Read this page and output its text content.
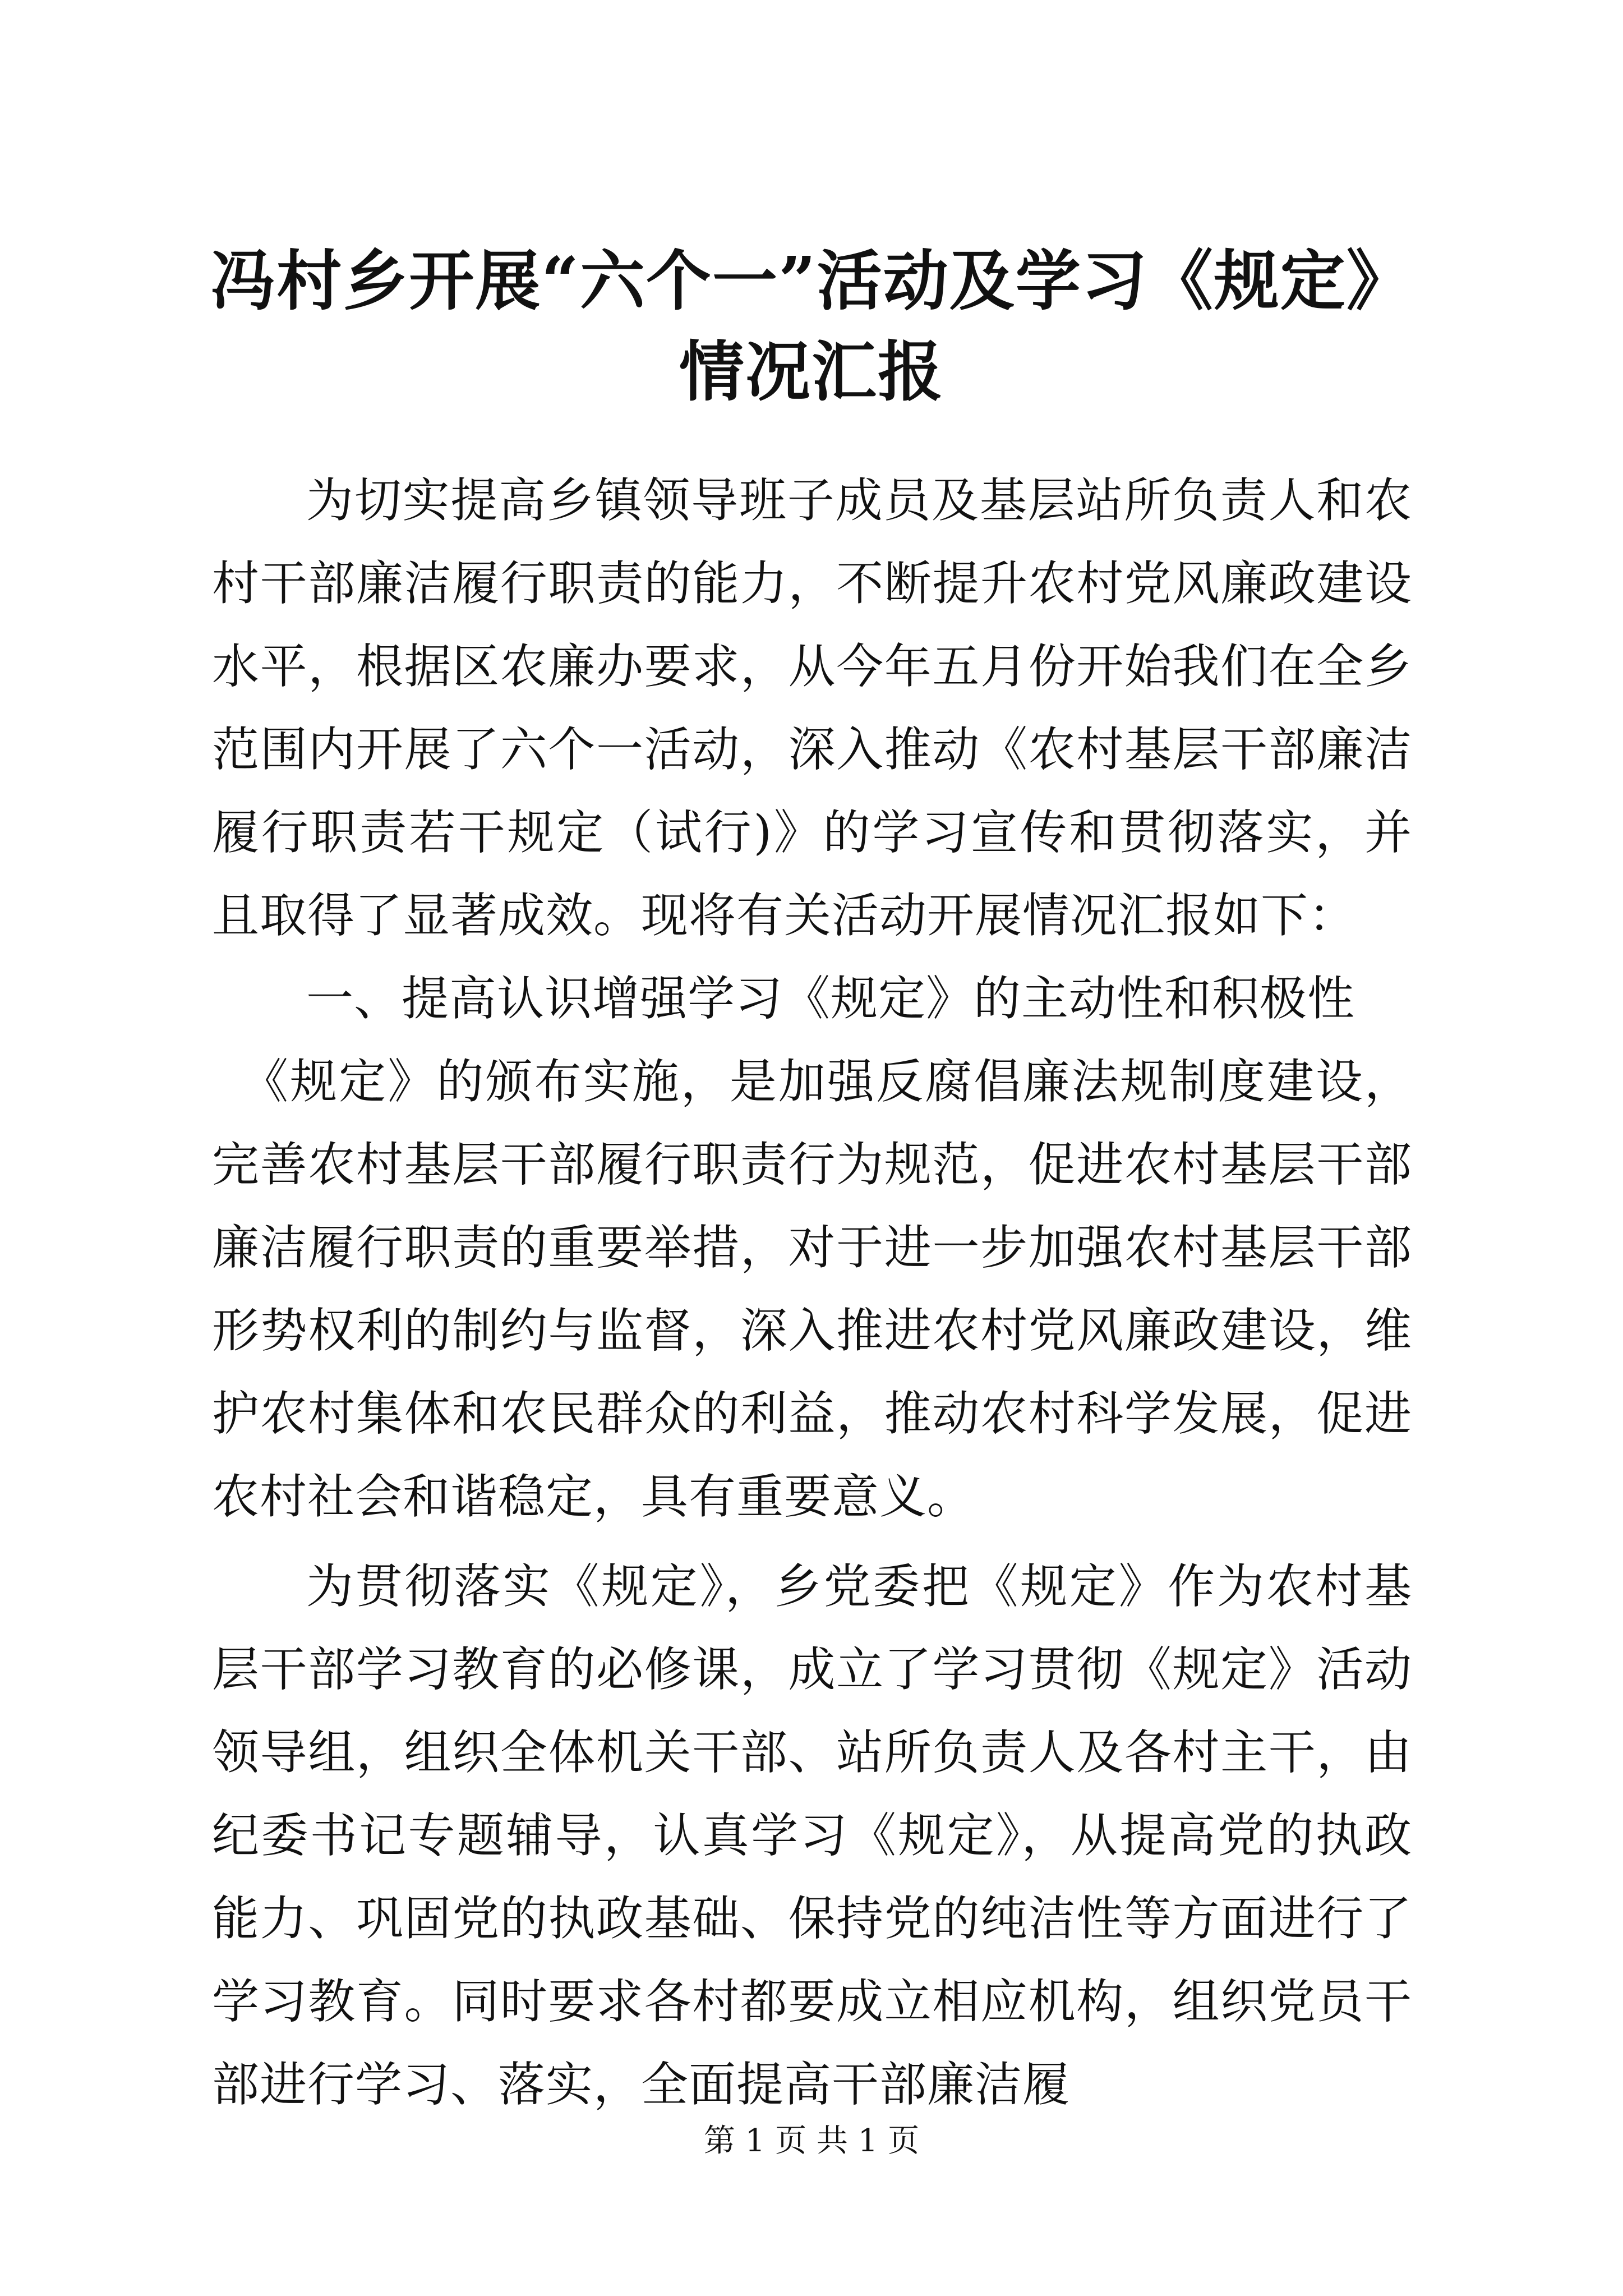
冯村乡开展“六个一”活动及学习《规定》情况汇报

为切实提高乡镇领导班子成员及基层站所负责人和农村干部廉洁履行职责的能力，不断提升农村党风廉政建设水平，根据区农廉办要求，从今年五月份开始我们在全乡范围内开展了六个一活动，深入推动《农村基层干部廉洁履行职责若干规定（试行)》的学习宣传和贯彻落实，并且取得了显著成效。现将有关活动开展情况汇报如下：

一、提高认识增强学习《规定》的主动性和积极性

《规定》的颁布实施，是加强反腐倡廉法规制度建设，完善农村基层干部履行职责行为规范，促进农村基层干部廉洁履行职责的重要举措，对于进一步加强农村基层干部形势权利的制约与监督，深入推进农村党风廉政建设，维护农村集体和农民群众的利益，推动农村科学发展，促进农村社会和谐稳定，具有重要意义。

为贯彻落实《规定》，乡党委把《规定》作为农村基层干部学习教育的必修课，成立了学习贯彻《规定》活动领导组，组织全体机关干部、站所负责人及各村主干，由纪委书记专题辅导，认真学习《规定》，从提高党的执政能力、巩固党的执政基础、保持党的纯洁性等方面进行了学习教育。同时要求各村都要成立相应机构，组织党员干部进行学习、落实，全面提高干部廉洁履

第 1 页 共 1 页
